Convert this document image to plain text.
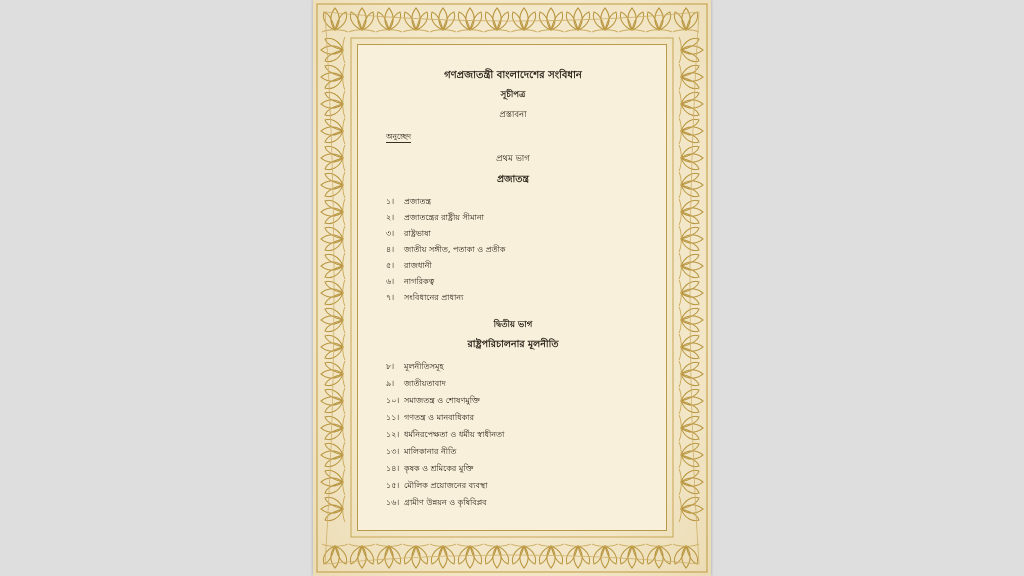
গণপ্রজাতন্ত্রী বাংলাদেশের সংবিধান
সূচীপত্র
প্রস্তাবনা
অনুচ্ছেদ
প্রথম ভাগ
প্রজাতন্ত্র
১। প্রজাতন্ত্র
২। প্রজাতন্ত্রের রাষ্ট্রীয় সীমানা
৩। রাষ্ট্রভাষা
৪। জাতীয় সঙ্গীত, পতাকা ও প্রতীক
৫। রাজধানী
৬। নাগরিকত্ব
৭। সংবিধানের প্রাধান্য
দ্বিতীয় ভাগ
রাষ্ট্রপরিচালনার মূলনীতি
৮। মূলনীতিসমূহ
৯। জাতীয়তাবাদ
১০। সমাজতন্ত্র ও শোষণমুক্তি
১১। গণতন্ত্র ও মানবাধিকার
১২। ধর্মনিরপেক্ষতা ও ধর্মীয় স্বাধীনতা
১৩। মালিকানার নীতি
১৪। কৃষক ও শ্রমিকের মুক্তি
১৫। মৌলিক প্রয়োজনের ব্যবস্থা
১৬। গ্রামীণ উন্নয়ন ও কৃষিবিপ্লব
